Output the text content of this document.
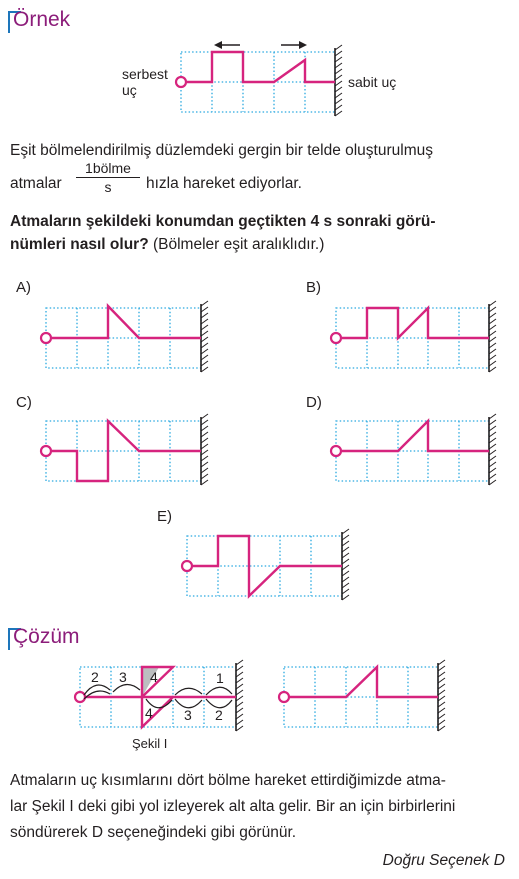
Örnek
serbest
uç	sabit uç
2 3 4
4 3 2
1
Eşit bölmelendirilmiş düzlemdeki gergin bir telde oluşturulmuş
atmalar
1bölme
s	hızla hareket ediyorlar.
Atmaların şekildeki konumdan geçtikten 4 s sonraki görü-
nümleri nasıl olur? (Bölmeler eşit aralıklıdır.)
A)	B)
C)	D)
E)
Çözüm
Şekil I
Atmaların uç kısımlarını dört bölme hareket ettirdiğimizde atma-
lar Şekil I deki gibi yol izleyerek alt alta gelir. Bir an için birbirlerini
söndürerek D seçeneğindeki gibi görünür.
Doğru Seçenek D
